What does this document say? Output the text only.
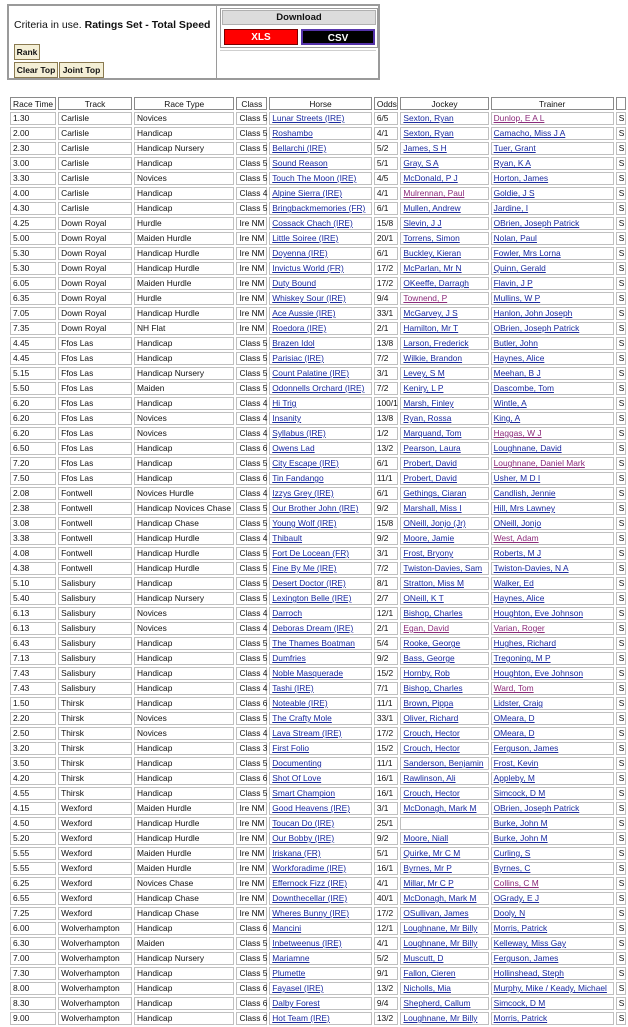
Criteria in use. Ratings Set - Total Speed
Rank
Clear Top Joint Top
Download
XLS	CSV
Race Time	Track	Race Type	Class	Horse	Odds	Jockey	Trainer	
1.30	Carlisle	Novices	Class 5	Lunar Streets (IRE)	6/5	Sexton, Ryan	Dunlop, E A L	S
2.00	Carlisle	Handicap	Class 5	Roshambo	4/1	Sexton, Ryan	Camacho, Miss J A	S
2.30	Carlisle	Handicap Nursery	Class 5	Bellarchi (IRE)	5/2	James, S H	Tuer, Grant	S
3.00	Carlisle	Handicap	Class 5	Sound Reason	5/1	Gray, S A	Ryan, K A	S
3.30	Carlisle	Novices	Class 5	Touch The Moon (IRE)	4/5	McDonald, P J	Horton, James	S
4.00	Carlisle	Handicap	Class 4	Alpine Sierra (IRE)	4/1	Mulrennan, Paul	Goldie, J S	S
4.30	Carlisle	Handicap	Class 5	Bringbackmemories (FR)	6/1	Mullen, Andrew	Jardine, I	S
4.25	Down Royal	Hurdle	Ire NM	Cossack Chach (IRE)	15/8	Slevin, J J	OBrien, Joseph Patrick	S
5.00	Down Royal	Maiden Hurdle	Ire NM	Little Soiree (IRE)	20/1	Torrens, Simon	Nolan, Paul	S
5.30	Down Royal	Handicap Hurdle	Ire NM	Doyenna (IRE)	6/1	Buckley, Kieran	Fowler, Mrs Lorna	S
5.30	Down Royal	Handicap Hurdle	Ire NM	Invictus World (FR)	17/2	McParlan, Mr N	Quinn, Gerald	S
6.05	Down Royal	Maiden Hurdle	Ire NM	Duty Bound	17/2	OKeeffe, Darragh	Flavin, J P	S
6.35	Down Royal	Hurdle	Ire NM	Whiskey Sour (IRE)	9/4	Townend, P	Mullins, W P	S
7.05	Down Royal	Handicap Hurdle	Ire NM	Ace Aussie (IRE)	33/1	McGarvey, J S	Hanlon, John Joseph	S
7.35	Down Royal	NH Flat	Ire NM	Roedora (IRE)	2/1	Hamilton, Mr T	OBrien, Joseph Patrick	S
4.45	Ffos Las	Handicap	Class 5	Brazen Idol	13/8	Larson, Frederick	Butler, John	S
4.45	Ffos Las	Handicap	Class 5	Parisiac (IRE)	7/2	Wilkie, Brandon	Haynes, Alice	S
5.15	Ffos Las	Handicap Nursery	Class 5	Count Palatine (IRE)	3/1	Levey, S M	Meehan, B J	S
5.50	Ffos Las	Maiden	Class 5	Odonnells Orchard (IRE)	7/2	Keniry, L P	Dascombe, Tom	S
6.20	Ffos Las	Handicap	Class 4	Hi Trig	100/1	Marsh, Finley	Wintle, A	S
6.20	Ffos Las	Novices	Class 4	Insanity	13/8	Ryan, Rossa	King, A	S
6.20	Ffos Las	Novices	Class 4	Syllabus (IRE)	1/2	Marquand, Tom	Haggas, W J	S
6.50	Ffos Las	Handicap	Class 6	Owens Lad	13/2	Pearson, Laura	Loughnane, David	S
7.20	Ffos Las	Handicap	Class 5	City Escape (IRE)	6/1	Probert, David	Loughnane, Daniel Mark	S
7.50	Ffos Las	Handicap	Class 6	Tin Fandango	11/1	Probert, David	Usher, M D I	S
2.08	Fontwell	Novices Hurdle	Class 4	Izzys Grey (IRE)	6/1	Gethings, Ciaran	Candlish, Jennie	S
2.38	Fontwell	Handicap Novices Chase	Class 5	Our Brother John (IRE)	9/2	Marshall, Miss I	Hill, Mrs Lawney	S
3.08	Fontwell	Handicap Chase	Class 5	Young Wolf (IRE)	15/8	ONeill, Jonjo (Jr)	ONeill, Jonjo	S
3.38	Fontwell	Handicap Hurdle	Class 4	Thibault	9/2	Moore, Jamie	West, Adam	S
4.08	Fontwell	Handicap Hurdle	Class 5	Fort De Locean (FR)	3/1	Frost, Bryony	Roberts, M J	S
4.38	Fontwell	Handicap Hurdle	Class 5	Fine By Me (IRE)	7/2	Twiston-Davies, Sam	Twiston-Davies, N A	S
5.10	Salisbury	Handicap	Class 5	Desert Doctor (IRE)	8/1	Stratton, Miss M	Walker, Ed	S
5.40	Salisbury	Handicap Nursery	Class 5	Lexington Belle (IRE)	2/7	ONeill, K T	Haynes, Alice	S
6.13	Salisbury	Novices	Class 4	Darroch	12/1	Bishop, Charles	Houghton, Eve Johnson	S
6.13	Salisbury	Novices	Class 4	Deboras Dream (IRE)	2/1	Egan, David	Varian, Roger	S
6.43	Salisbury	Handicap	Class 5	The Thames Boatman	5/4	Rooke, George	Hughes, Richard	S
7.13	Salisbury	Handicap	Class 5	Dumfries	9/2	Bass, George	Tregoning, M P	S
7.43	Salisbury	Handicap	Class 4	Noble Masquerade	15/2	Hornby, Rob	Houghton, Eve Johnson	S
7.43	Salisbury	Handicap	Class 4	Tashi (IRE)	7/1	Bishop, Charles	Ward, Tom	S
1.50	Thirsk	Handicap	Class 6	Noteable (IRE)	11/1	Brown, Pippa	Lidster, Craig	S
2.20	Thirsk	Novices	Class 5	The Crafty Mole	33/1	Oliver, Richard	OMeara, D	S
2.50	Thirsk	Novices	Class 4	Lava Stream (IRE)	17/2	Crouch, Hector	OMeara, D	S
3.20	Thirsk	Handicap	Class 3	First Folio	15/2	Crouch, Hector	Ferguson, James	S
3.50	Thirsk	Handicap	Class 5	Documenting	11/1	Sanderson, Benjamin	Frost, Kevin	S
4.20	Thirsk	Handicap	Class 6	Shot Of Love	16/1	Rawlinson, Ali	Appleby, M	S
4.55	Thirsk	Handicap	Class 5	Smart Champion	16/1	Crouch, Hector	Simcock, D M	S
4.15	Wexford	Maiden Hurdle	Ire NM	Good Heavens (IRE)	3/1	McDonagh, Mark M	OBrien, Joseph Patrick	S
4.50	Wexford	Handicap Hurdle	Ire NM	Toucan Do (IRE)	25/1		Burke, John M	S
5.20	Wexford	Handicap Hurdle	Ire NM	Our Bobby (IRE)	9/2	Moore, Niall	Burke, John M	S
5.55	Wexford	Maiden Hurdle	Ire NM	Iriskana (FR)	5/1	Quirke, Mr C M	Curling, S	S
5.55	Wexford	Maiden Hurdle	Ire NM	Workforadime (IRE)	16/1	Byrnes, Mr P	Byrnes, C	S
6.25	Wexford	Novices Chase	Ire NM	Effernock Fizz (IRE)	4/1	Millar, Mr C P	Collins, C M	S
6.55	Wexford	Handicap Chase	Ire NM	Downthecellar (IRE)	40/1	McDonagh, Mark M	OGrady, E J	S
7.25	Wexford	Handicap Chase	Ire NM	Wheres Bunny (IRE)	17/2	OSullivan, James	Dooly, N	S
6.00	Wolverhampton	Handicap	Class 6	Mancini	12/1	Loughnane, Mr Billy	Morris, Patrick	S
6.30	Wolverhampton	Maiden	Class 5	Inbetweenus (IRE)	4/1	Loughnane, Mr Billy	Kelleway, Miss Gay	S
7.00	Wolverhampton	Handicap Nursery	Class 5	Mariamne	5/2	Muscutt, D	Ferguson, James	S
7.30	Wolverhampton	Handicap	Class 5	Plumette	9/1	Fallon, Cieren	Hollinshead, Steph	S
8.00	Wolverhampton	Handicap	Class 6	Fayasel (IRE)	13/2	Nicholls, Mia	Murphy, Mike / Keady, Michael	S
8.30	Wolverhampton	Handicap	Class 6	Dalby Forest	9/4	Shepherd, Callum	Simcock, D M	S
9.00	Wolverhampton	Handicap	Class 6	Hot Team (IRE)	13/2	Loughnane, Mr Billy	Morris, Patrick	S
